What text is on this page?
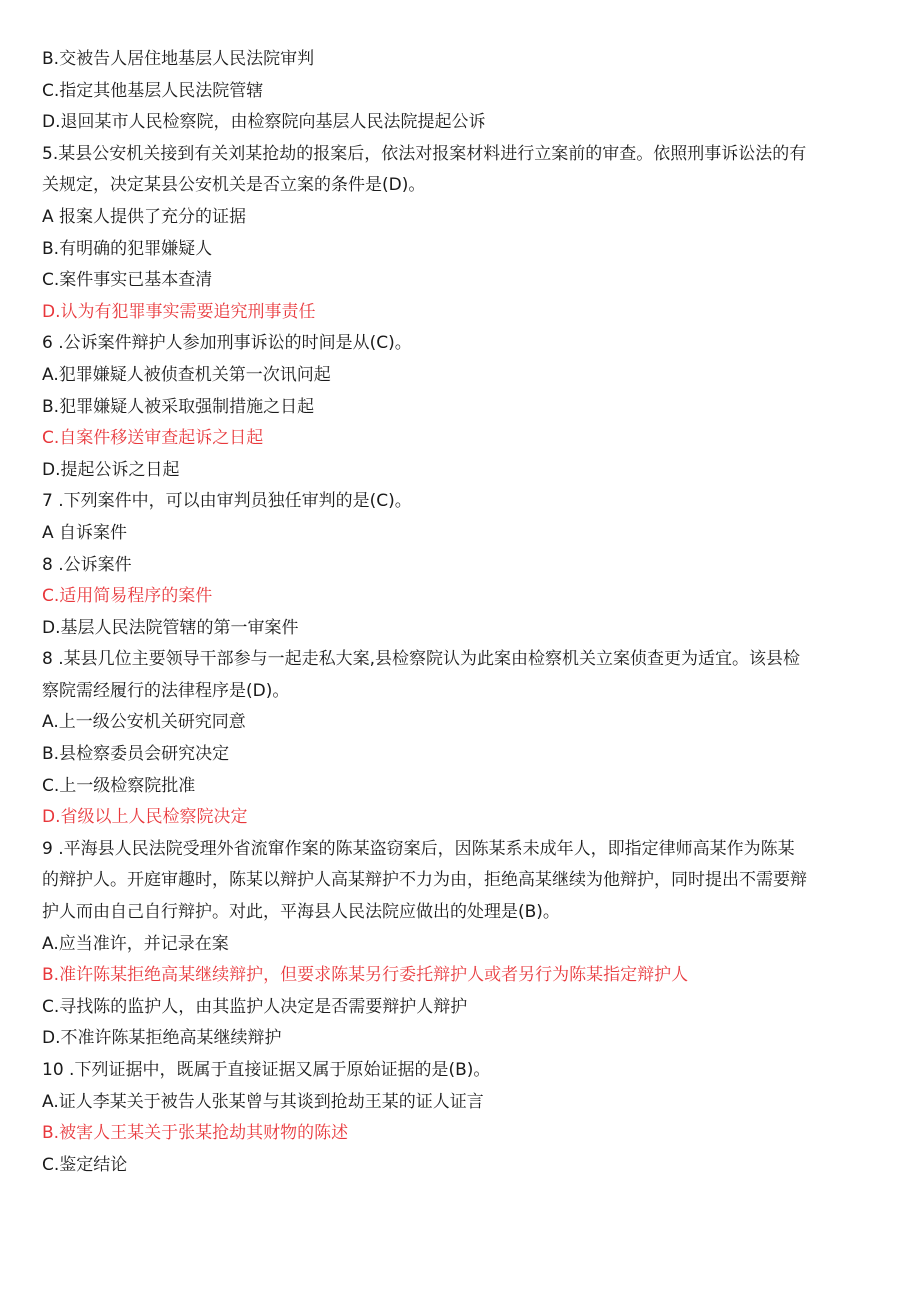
B.交被告人居住地基层人民法院审判
C.指定其他基层人民法院管辖
D.退回某市人民检察院，由检察院向基层人民法院提起公诉
5.某县公安机关接到有关刘某抢劫的报案后，依法对报案材料进行立案前的审查。依照刑事诉讼法的有
关规定，决定某县公安机关是否立案的条件是(D)。
A 报案人提供了充分的证据
B.有明确的犯罪嫌疑人
C.案件事实已基本查清
D.认为有犯罪事实需要追究刑事责任
6 .公诉案件辩护人参加刑事诉讼的时间是从(C)。
A.犯罪嫌疑人被侦查机关第一次讯问起
B.犯罪嫌疑人被采取强制措施之日起
C.自案件移送审查起诉之日起
D.提起公诉之日起
7 .下列案件中，可以由审判员独任审判的是(C)。
A 自诉案件
8 .公诉案件
C.适用简易程序的案件
D.基层人民法院管辖的第一审案件
8 .某县几位主要领导干部参与一起走私大案,县检察院认为此案由检察机关立案侦查更为适宜。该县检
察院需经履行的法律程序是(D)。
A.上一级公安机关研究同意
B.县检察委员会研究决定
C.上一级检察院批准
D.省级以上人民检察院决定
9 .平海县人民法院受理外省流窜作案的陈某盗窃案后，因陈某系未成年人，即指定律师高某作为陈某
的辩护人。开庭审趣时，陈某以辩护人高某辩护不力为由，拒绝高某继续为他辩护，同时提出不需要辩
护人而由自己自行辩护。对此，平海县人民法院应做出的处理是(B)。
A.应当准许，并记录在案
B.准许陈某拒绝高某继续辩护，但要求陈某另行委托辩护人或者另行为陈某指定辩护人
C.寻找陈的监护人，由其监护人决定是否需要辩护人辩护
D.不准许陈某拒绝高某继续辩护
10 .下列证据中，既属于直接证据又属于原始证据的是(B)。
A.证人李某关于被告人张某曾与其谈到抢劫王某的证人证言
B.被害人王某关于张某抢劫其财物的陈述
C.鉴定结论
